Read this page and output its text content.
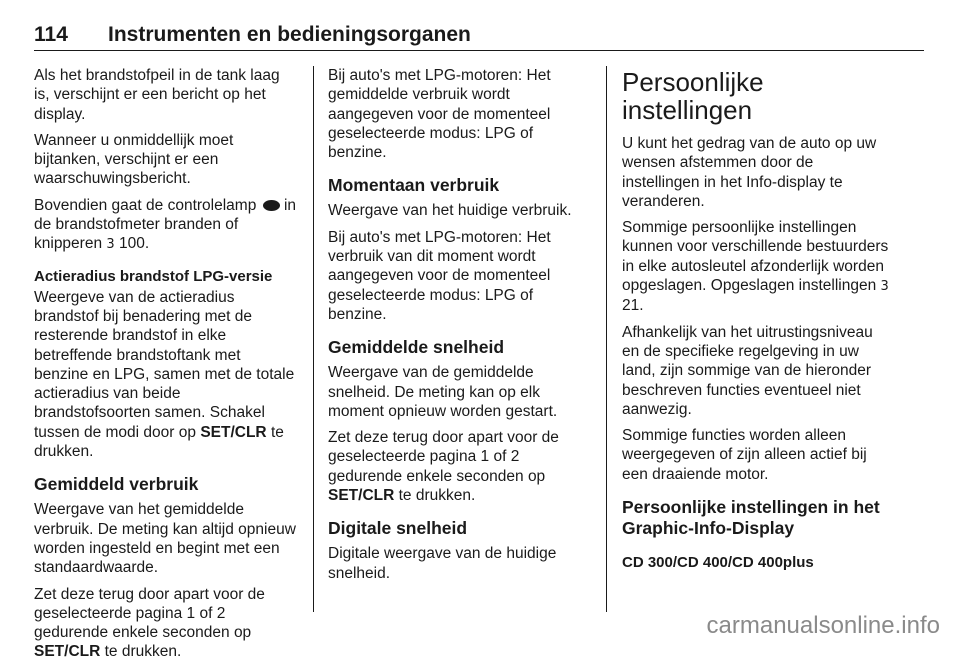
114	Instrumenten en bedieningsorganen

Als het brandstofpeil in de tank laag is, verschijnt er een bericht op het display.

Wanneer u onmiddellijk moet bijtanken, verschijnt er een waarschuwingsbericht.

Bovendien gaat de controlelamp in de brandstofmeter branden of knipperen 3 100.

Actieradius brandstof LPG-versie

Weergeve van de actieradius brandstof bij benadering met de resterende brandstof in elke betreffende brandstoftank met benzine en LPG, samen met de totale actieradius van beide brandstofsoorten samen. Schakel tussen de modi door op SET/CLR te drukken.

Gemiddeld verbruik

Weergave van het gemiddelde verbruik. De meting kan altijd opnieuw worden ingesteld en begint met een standaardwaarde.

Zet deze terug door apart voor de geselecteerde pagina 1 of 2 gedurende enkele seconden op SET/CLR te drukken.

Bij auto's met LPG-motoren: Het gemiddelde verbruik wordt aangegeven voor de momenteel geselecteerde modus: LPG of benzine.

Momentaan verbruik

Weergave van het huidige verbruik.

Bij auto's met LPG-motoren: Het verbruik van dit moment wordt aangegeven voor de momenteel geselecteerde modus: LPG of benzine.

Gemiddelde snelheid

Weergave van de gemiddelde snelheid. De meting kan op elk moment opnieuw worden gestart.

Zet deze terug door apart voor de geselecteerde pagina 1 of 2 gedurende enkele seconden op SET/CLR te drukken.

Digitale snelheid

Digitale weergave van de huidige snelheid.

Persoonlijke instellingen

U kunt het gedrag van de auto op uw wensen afstemmen door de instellingen in het Info-display te veranderen.

Sommige persoonlijke instellingen kunnen voor verschillende bestuurders in elke autosleutel afzonderlijk worden opgeslagen. Opgeslagen instellingen 3 21.

Afhankelijk van het uitrustingsniveau en de specifieke regelgeving in uw land, zijn sommige van de hieronder beschreven functies eventueel niet aanwezig.

Sommige functies worden alleen weergegeven of zijn alleen actief bij een draaiende motor.

Persoonlijke instellingen in het Graphic-Info-Display
CD 300/CD 400/CD 400plus
carmanualsonline.info
